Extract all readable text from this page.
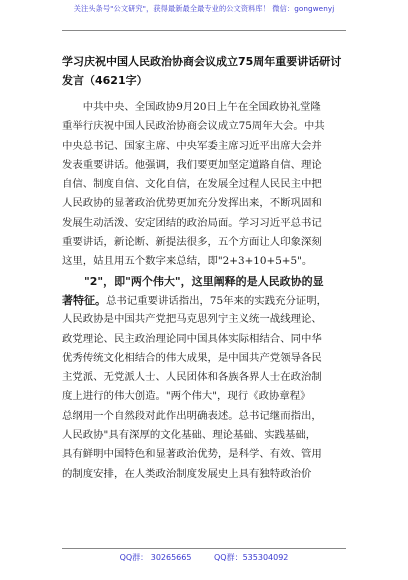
关注头条号"公文研究"，获得最新最全最专业的公文资料库！ 微信：gongwenyj
学习庆祝中国人民政治协商会议成立75周年重要讲话研讨
发言（4621字）
　　中共中央、全国政协9月20日上午在全国政协礼堂隆
重举行庆祝中国人民政治协商会议成立75周年大会。中共
中央总书记、国家主席、中央军委主席习近平出席大会并
发表重要讲话。他强调，我们要更加坚定道路自信、理论
自信、制度自信、文化自信，在发展全过程人民民主中把
人民政协的显著政治优势更加充分发挥出来，不断巩固和
发展生动活泼、安定团结的政治局面。学习习近平总书记
重要讲话，新论断、新提法很多，五个方面让人印象深刻
这里，姑且用五个数字来总结，即"2+3+10+5+5"。
　　"2"，即"两个伟大"，这里阐释的是人民政协的显
著特征。总书记重要讲话指出，75年来的实践充分证明，
人民政协是中国共产党把马克思列宁主义统一战线理论、
政党理论、民主政治理论同中国具体实际相结合、同中华
优秀传统文化相结合的伟大成果，是中国共产党领导各民
主党派、无党派人士、人民团体和各族各界人士在政治制
度上进行的伟大创造。"两个伟大"，现行《政协章程》
总纲用一个自然段对此作出明确表述。总书记继而指出，
人民政协"具有深厚的文化基础、理论基础、实践基础，
具有鲜明中国特色和显著政治优势，是科学、有效、管用
的制度安排，在人类政治制度发展史上具有独特政治价
QQ群： 30265665	QQ群：535304092
